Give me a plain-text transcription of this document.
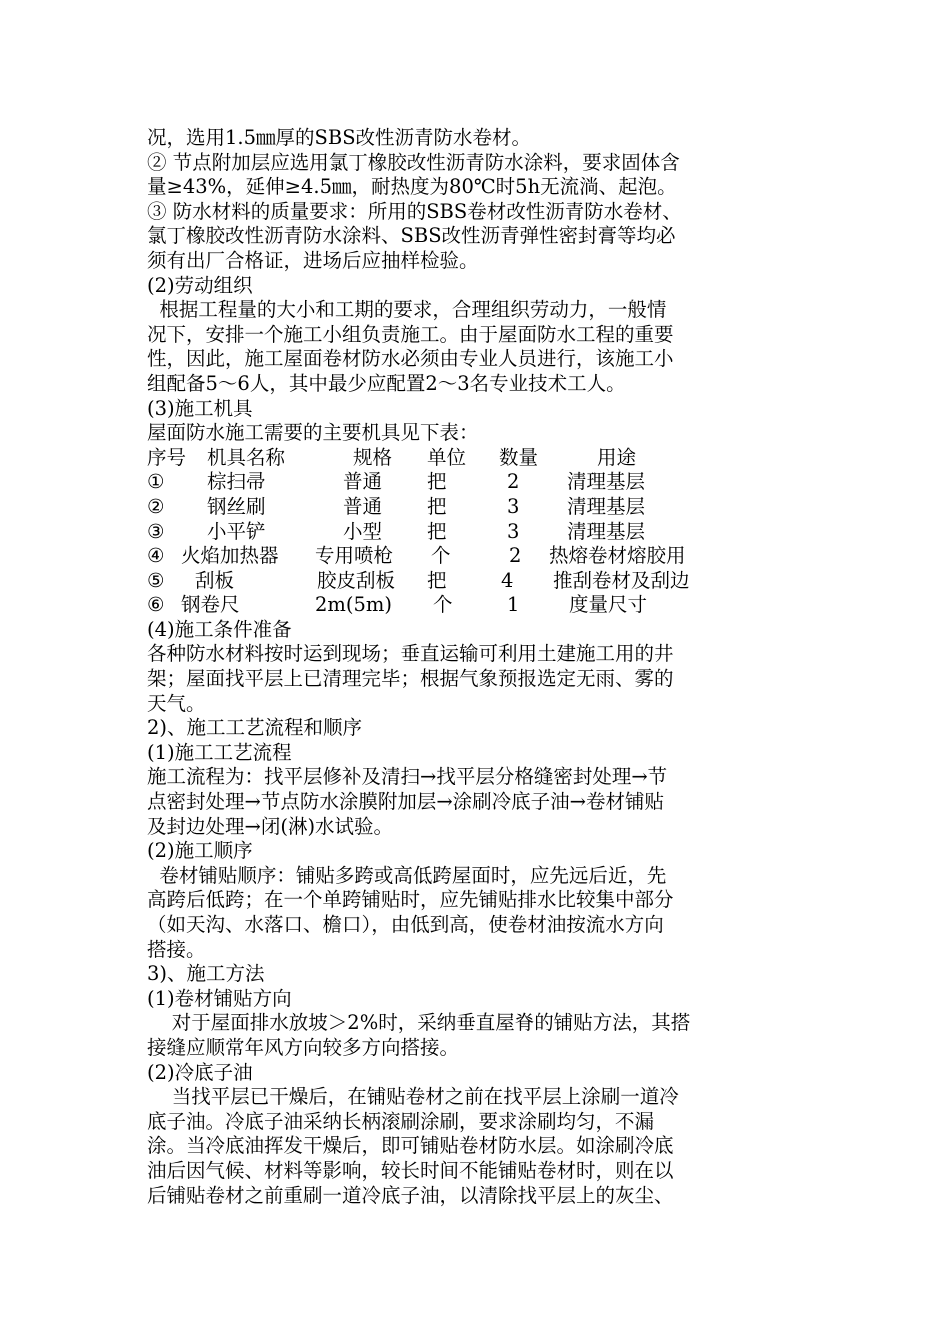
况，选用1.5㎜厚的SBS改性沥青防水卷材。
② 节点附加层应选用氯丁橡胶改性沥青防水涂料，要求固体含
量≥43%，延伸≥4.5㎜，耐热度为80℃时5h无流淌、起泡。
③ 防水材料的质量要求：所用的SBS卷材改性沥青防水卷材、
氯丁橡胶改性沥青防水涂料、SBS改性沥青弹性密封膏等均必
须有出厂合格证，进场后应抽样检验。
(2)劳动组织
根据工程量的大小和工期的要求，合理组织劳动力，一般情
况下，安排一个施工小组负责施工。由于屋面防水工程的重要
性，因此，施工屋面卷材防水必须由专业人员进行，该施工小
组配备5～6人，其中最少应配置2～3名专业技术工人。
(3)施工机具
屋面防水施工需要的主要机具见下表：
序号 机具名称	规格 单位 数量	用途
① 棕扫帚	普通 把	2 清理基层
② 钢丝刷	普通 把	3 清理基层
③ 小平铲	小型 把	3 清理基层
④ 火焰加热器 专用喷枪 个	2 热熔卷材熔胶用
⑤ 刮板	胶皮刮板 把	4 推刮卷材及刮边
⑥ 钢卷尺	2m(5m) 个	1	度量尺寸
(4)施工条件准备
各种防水材料按时运到现场；垂直运输可利用土建施工用的井
架；屋面找平层上已清理完毕；根据气象预报选定无雨、雾的
天气。
2)、施工工艺流程和顺序
(1)施工工艺流程
施工流程为：找平层修补及清扫→找平层分格缝密封处理→节
点密封处理→节点防水涂膜附加层→涂刷冷底子油→卷材铺贴
及封边处理→闭(淋)水试验。
(2)施工顺序
卷材铺贴顺序：铺贴多跨或高低跨屋面时，应先远后近，先
高跨后低跨；在一个单跨铺贴时，应先铺贴排水比较集中部分
（如天沟、水落口、檐口），由低到高，使卷材油按流水方向
搭接。
3)、施工方法
(1)卷材铺贴方向
对于屋面排水放坡＞2%时，采纳垂直屋脊的铺贴方法，其搭
接缝应顺常年风方向较多方向搭接。
(2)冷底子油
当找平层已干燥后，在铺贴卷材之前在找平层上涂刷一道冷
底子油。冷底子油采纳长柄滚刷涂刷，要求涂刷均匀，不漏
涂。当冷底油挥发干燥后，即可铺贴卷材防水层。如涂刷冷底
油后因气候、材料等影响，较长时间不能铺贴卷材时，则在以
后铺贴卷材之前重刷一道冷底子油，以清除找平层上的灰尘、
